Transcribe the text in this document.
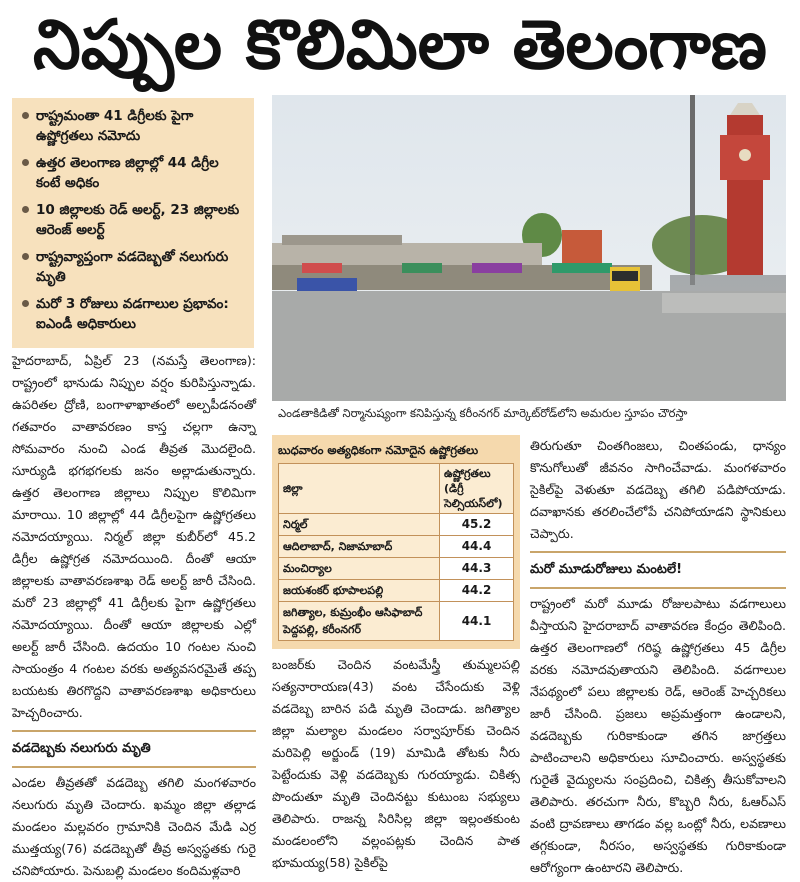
నిప్పుల కొలిమిలా తెలంగాణ
రాష్ట్రమంతా 41 డిగ్రీలకు పైగా ఉష్ణోగ్రతలు నమోదు
ఉత్తర తెలంగాణ జిల్లాల్లో 44 డిగ్రీల కంటే అధికం
10 జిల్లాలకు రెడ్ అలర్ట్, 23 జిల్లాలకు ఆరెంజ్ అలర్ట్
రాష్ట్రవ్యాప్తంగా వడదెబ్బతో నలుగురు మృతి
మరో 3 రోజులు వడగాలుల ప్రభావం: ఐఎండీ అధికారులు
ఎండతాకిడితో నిర్మానుష్యంగా కనిపిస్తున్న కరీంనగర్ మార్కెట్‌రోడ్‌లోని అమరుల స్తూపం చౌరస్తా

హైదరాబాద్, ఏప్రిల్ 23 (నమస్తే తెలంగాణ): రాష్ట్రంలో భానుడు నిప్పుల వర్షం కురిపిస్తున్నాడు. ఉపరితల ద్రోణి, బంగాళాఖాతంలో అల్పపీడనంతో గతవారం వాతావరణం కాస్త చల్లగా ఉన్నా సోమవారం నుంచి ఎండ తీవ్రత మొదలైంది. సూర్యుడి భగభగలకు జనం అల్లాడుతున్నారు. ఉత్తర తెలంగాణ జిల్లాలు నిప్పుల కొలిమిగా మారాయి. 10 జిల్లాల్లో 44 డిగ్రీలపైగా ఉష్ణోగ్రతలు నమోదయ్యాయి. నిర్మల్ జిల్లా కుబీర్‌లో 45.2 డిగ్రీల ఉష్ణోగ్రత నమోదయింది. దీంతో ఆయా జిల్లాలకు వాతావరణశాఖ రెడ్ అలర్ట్ జారీ చేసింది. మరో 23 జిల్లాల్లో 41 డిగ్రీలకు పైగా ఉష్ణోగ్రతలు నమోదయ్యాయి. దీంతో ఆయా జిల్లాలకు ఎల్లో అలర్ట్ జారీ చేసింది. ఉదయం 10 గంటల నుంచి సాయంత్రం 4 గంటల వరకు అత్యవసరమైతే తప్ప బయటకు తిరగొద్దని వాతావరణశాఖ అధికారులు హెచ్చరించారు.

వడదెబ్బకు నలుగురు మృతి

ఎండల తీవ్రతతో వడదెబ్బ తగిలి మంగళవారం నలుగురు మృతి చెందారు. ఖమ్మం జిల్లా తల్లాడ మండలం మల్లవరం గ్రామానికి చెందిన మేడి ఎర్ర ముత్తయ్య(76) వడదెబ్బతో తీవ్ర అస్వస్థతకు గురై చనిపోయారు. పెనుబల్లి మండలం కందిమళ్లవారి

బుధవారం అత్యధికంగా నమోదైన ఉష్ణోగ్రతలు
జిల్లా	ఉష్ణోగ్రతలు (డిగ్రీ సెల్సియస్‌లో)
నిర్మల్	45.2
ఆదిలాబాద్, నిజామాబాద్	44.4
మంచిర్యాల	44.3
జయశంకర్ భూపాలపల్లి	44.2
జగిత్యాల, కుమ్రంభీం ఆసిఫాబాద్ పెద్దపల్లి, కరీంనగర్	44.1

బంజర్‌కు చెందిన వంటమేస్త్రీ తుమ్మలపల్లి సత్యనారాయణ(43) వంట చేసేందుకు వెళ్లి వడదెబ్బ బారిన పడి మృతి చెందాడు. జగిత్యాల జిల్లా మల్యాల మండలం సర్వాపూర్‌కు చెందిన మరిపెల్లి అర్జుండ్ (19) మామిడి తోటకు నీరు పెట్టేందుకు వెళ్లి వడదెబ్బకు గురయ్యాడు. చికిత్స పొందుతూ మృతి చెందినట్టు కుటుంబ సభ్యులు తెలిపారు. రాజన్న సిరిసిల్ల జిల్లా ఇల్లంతకుంట మండలంలోని వల్లంపట్లకు చెందిన పాత భూమయ్య(58) సైకిల్‌పై

తిరుగుతూ చింతగింజలు, చింతపండు, ధాన్యం కొనుగోలుతో జీవనం సాగించేవాడు. మంగళవారం సైకిల్‌పై వెళుతూ వడదెబ్బ తగిలి పడిపోయాడు. దవాఖానకు తరలించేలోపే చనిపోయాడని స్థానికులు చెప్పారు.

మరో మూడురోజులు మంటలే!

రాష్ట్రంలో మరో మూడు రోజులపాటు వడగాలులు వీస్తాయని హైదరాబాద్ వాతావరణ కేంద్రం తెలిపింది. ఉత్తర తెలంగాణలో గరిష్ఠ ఉష్ణోగ్రతలు 45 డిగ్రీల వరకు నమోదవుతాయని తెలిపింది. వడగాలుల నేపథ్యంలో పలు జిల్లాలకు రెడ్, ఆరెంజ్ హెచ్చరికలు జారీ చేసింది. ప్రజలు అప్రమత్తంగా ఉండాలని, వడదెబ్బకు గురికాకుండా తగిన జాగ్రత్తలు పాటించాలని అధికారులు సూచించారు. అస్వస్థతకు గురైతే వైద్యులను సంప్రదించి, చికిత్స తీసుకోవాలని తెలిపారు. తరచుగా నీరు, కొబ్బరి నీరు, ఓఆర్‌ఎస్ వంటి ద్రావణాలు తాగడం వల్ల ఒంట్లో నీరు, లవణాలు తగ్గకుండా, నీరసం, అస్వస్థతకు గురికాకుండా ఆరోగ్యంగా ఉంటారని తెలిపారు.
